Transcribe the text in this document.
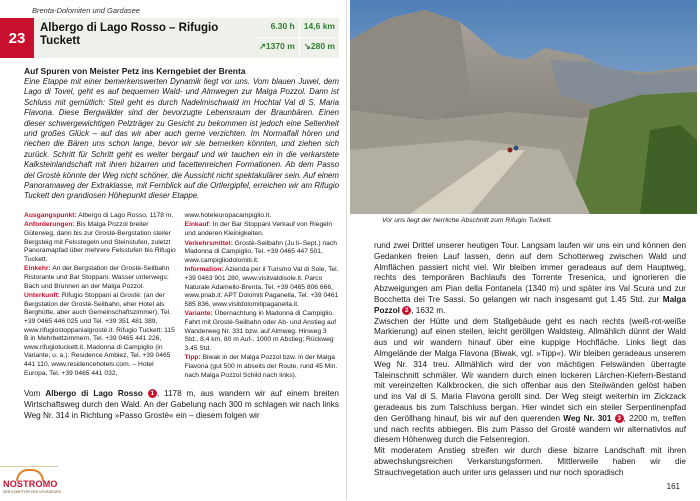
Brenta-Dolomiten und Gardasee
23
Albergo di Lago Rosso – Rifugio Tuckett
6.30 h	14,6 km
↗1370 m	↘280 m
Auf Spuren von Meister Petz ins Kerngebiet der Brenta

Eine Etappe mit einer bemerkenswerten Dynamik liegt vor uns. Vom blauen Juwel, dem Lago di Tovel, geht es auf bequemen Wald- und Almwegen zur Malga Pozzol. Dann ist Schluss mit gemütlich: Steil geht es durch Nadelmischwald im Hochtal Val di S. Maria Flavona. Diese Bergwälder sind der bevorzugte Lebensraum der Braunbären. Einen dieser schwergewichtigen Pelzträger zu Gesicht zu bekommen ist jedoch eine Seltenheit und großes Glück – auf das wir aber auch gerne verzichten. Im Normalfall hören und riechen die Bären uns schon lange, bevor wir sie bemerken könnten, und ziehen sich zurück. Schritt für Schritt geht es weiter bergauf und wir tauchen ein in die verkarstete Kalksteinlandschaft mit ihren bizarren und facettenreichen Formationen. Ab dem Passo del Grostè könnte der Weg nicht schöner, die Aussicht nicht spektakulärer sein. Auf einem Panoramaweg der Extraklasse, mit Fernblick auf die Ortlergipfel, erreichen wir am Rifugio Tuckett den grandiosen Höhepunkt dieser Etappe.

Ausgangspunkt: Albergo di Lago Rosso, 1178 m.

Anforderungen: Bis Malga Pozzol breiter Güterweg, dann bis zur Grostè-Bergstation steiler Bergsteig mit Felsstegeln und Steinstufen, zuletzt Panoramapfad über mehrere Felsstufen bis Rifugio Tuckett.

Einkehr: An der Bergstation der Grostè-Seilbahn Ristorante und Bar Stoppani. Wasser unterwegs: Bach und Brunnen an der Malga Pozzol.

Unterkunft: Rifugio Stoppani al Grostè: (an der Bergstation der Grostè-Seilbahn, eher Hotel als Berghütte, aber auch Gemeinschaftszimmer), Tel. +39 0465 446 025 und Tel. +39 351 481 389, www.rifugiostoppanialgrostè.it. Rifugio Tuckett: 115 B in Mehrbettzimmern, Tel. +39 0465 441 226, www.rifugiotuckett.it. Madonna di Campiglio (in Variante; u. a.): Residence Ambiez, Tel. +39 0465 441 110, www.residencehotels.com. – Hotel Europa, Tel. +39 0465 441 032,

www.hoteleuropacampiglio.it.

Einkauf: In der Bar Stoppani Verkauf von Riegeln und anderen Kleinigkeiten.

Verkehrsmittel: Grostè-Seilbahn (Ju li–Sept.) nach Madonna di Campiglio, Tel. +39 0465 447 501, www.campigliodolomiti.it.

Information: Azienda per il Turismo Val di Sole, Tel. +39 0463 901 280, www.visitvaldisole.it. Parco Naturale Adamello-Brenta, Tel. +39 0465 806 666, www.pnab.it. APT Dolomiti Paganella, Tel. +39 0461 585 836, www.visitdolomitipaganella.it.

Variante: Übernachtung in Madonna di Campiglio. Fahrt mit Grostè-Seilbahn oder Ab- und Anstieg auf Wanderweg Nr. 331 bzw. auf Almweg. Hinweg 3 Std., 8,4 km, 80 m Auf-, 1000 m Abstieg; Rückweg 3.45 Std.

Tipp: Biwak in der Malga Pozzol bzw. in der Malga Flavona (gut 500 m abseits der Route, rund 45 Min. nach Malga Pozzol Schild nach links).

Vom Albergo di Lago Rosso 1 , 1178 m, aus wandern wir auf einem breiten Wirtschaftsweg durch den Wald. An der Gabelung nach 300 m schlagen wir nach links Weg Nr. 314 in Richtung »Passo Grostè« ein – diesem folgen wir

NOSTROMO
DER KOMPTOIR DES VOYAGEURS
Vor uns liegt der herrliche Abschnitt zum Rifugio Tuckett.

rund zwei Drittel unserer heutigen Tour. Langsam laufen wir uns ein und können den Gedanken freien Lauf lassen, denn auf dem Schotterweg zwischen Wald und Almflächen passiert nicht viel. Wir bleiben immer geradeaus auf dem Hauptweg, rechts des temporären Bachlaufs des Torrente Tresenica, und ignorieren die Abzweigungen am Pian della Fontanela (1340 m) und später ins Val Scura und zur Bocchetta dei Tre Sassi. So gelangen wir nach insgesamt gut 1.45 Std. zur Malga Pozzol 2 , 1632 m.
Zwischen der Hütte und dem Stallgebäude geht es nach rechts (weiß-rot-weiße Markierung) auf einen steilen, leicht geröllgen Waldsteig. Allmählich dünnt der Wald aus und wir wandern hinauf über eine kuppige Hochfläche. Links liegt das Almgelände der Malga Flavona (Biwak, vgl. »Tipp«). Wir bleiben geradeaus unserem Weg Nr. 314 treu. Allmählich wird der von mächtigen Felswänden überragte Taleinschnitt schmäler. Wir wandern durch einen lockeren Lärchen-Kiefern-Bestand mit vereinzelten Kalkbrocken, die sich offenbar aus den Steilwänden gelöst haben und ins Val di S. Maria Flavona gerollt sind. Der Weg steigt weiterhin im Zickzack geradeaus bis zum Talschluss bergan. Hier windet sich ein steiler Serpentinenpfad den Geröllhang hinauf, bis wir auf den querenden Weg Nr. 301 3 , 2200 m, treffen und nach rechts abbiegen. Bis zum Passo del Grostè wandern wir alternativlos auf diesem Höhenweg durch die Felsenregion.
Mit moderatem Anstieg streifen wir durch diese bizarre Landschaft mit ihren abwechslungsreichen Verkarstungsformen. Mittlerweile haben wir die Strauchvegetation auch unter uns gelassen und nur noch sporadisch

161
